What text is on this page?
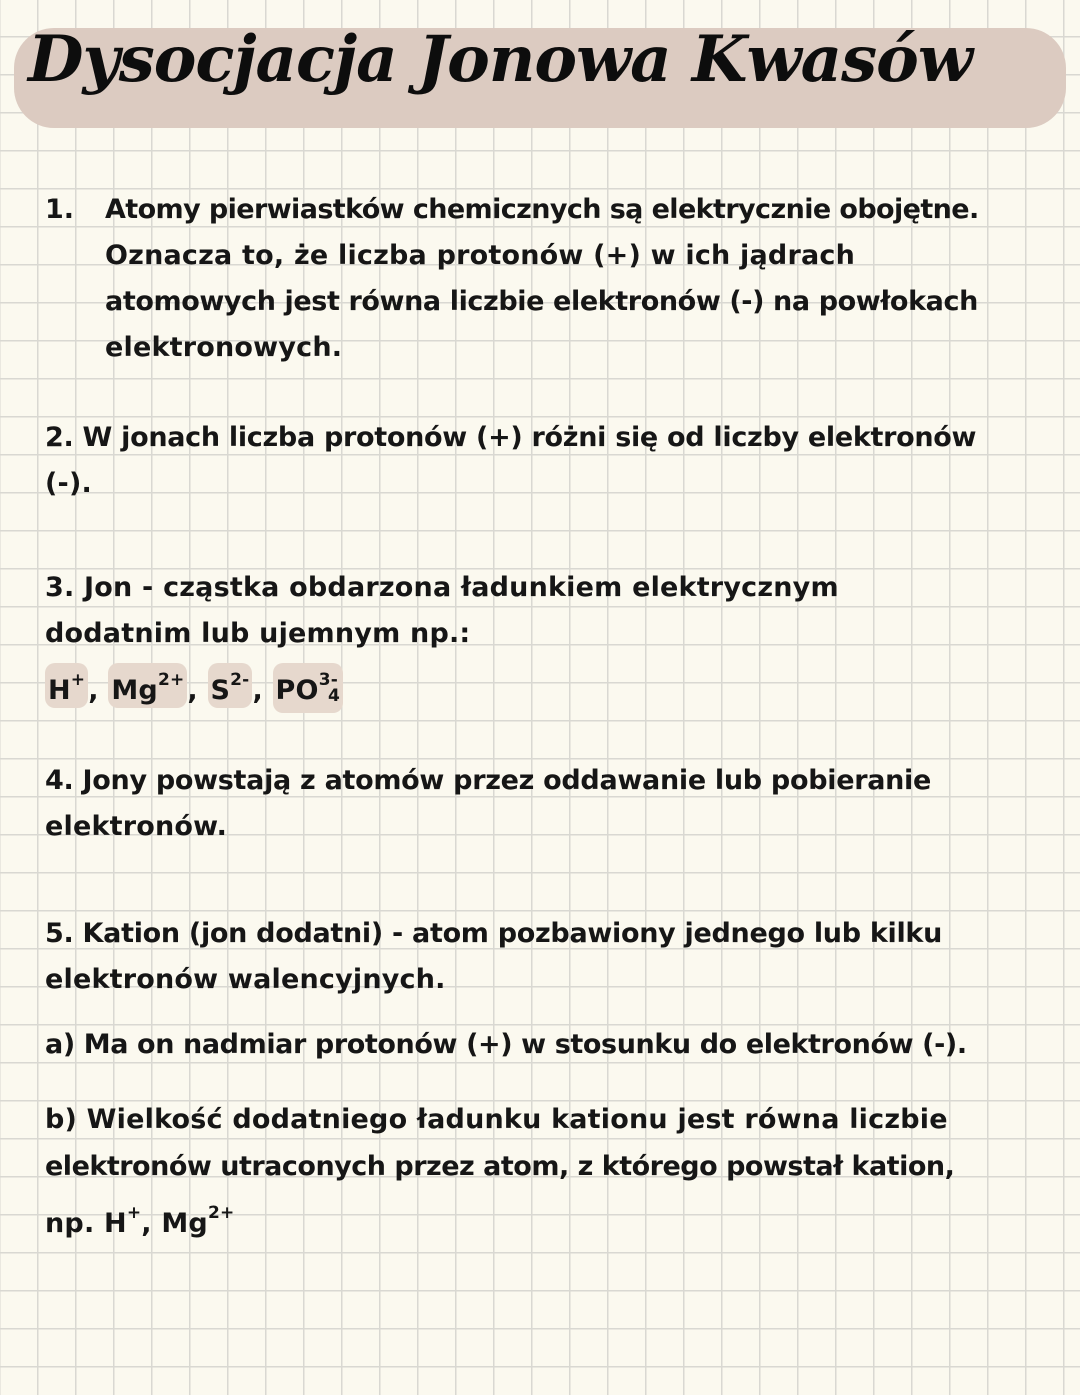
Dysocjacja Jonowa Kwasów
1. Atomy pierwiastków chemicznych są elektrycznie obojętne.
Oznacza to, że liczba protonów (+) w ich jądrach
atomowych jest równa liczbie elektronów (-) na powłokach
elektronowych.
2. W jonach liczba protonów (+) różni się od liczby elektronów
(-).
3. Jon - cząstka obdarzona ładunkiem elektrycznym
dodatnim lub ujemnym np.:
H+ , $Mg^{2+}$ , $S^{2-}$ , $PO^{3-}_4$
4. Jony powstają z atomów przez oddawanie lub pobieranie
elektronów.
5. Kation (jon dodatni) - atom pozbawiony jednego lub kilku
elektronów walencyjnych.
a) Ma on nadmiar protonów (+) w stosunku do elektronów (-).
b) Wielkość dodatniego ładunku kationu jest równa liczbie
elektronów utraconych przez atom, z którego powstał kation,
np. H+, $Mg^{2+}$
